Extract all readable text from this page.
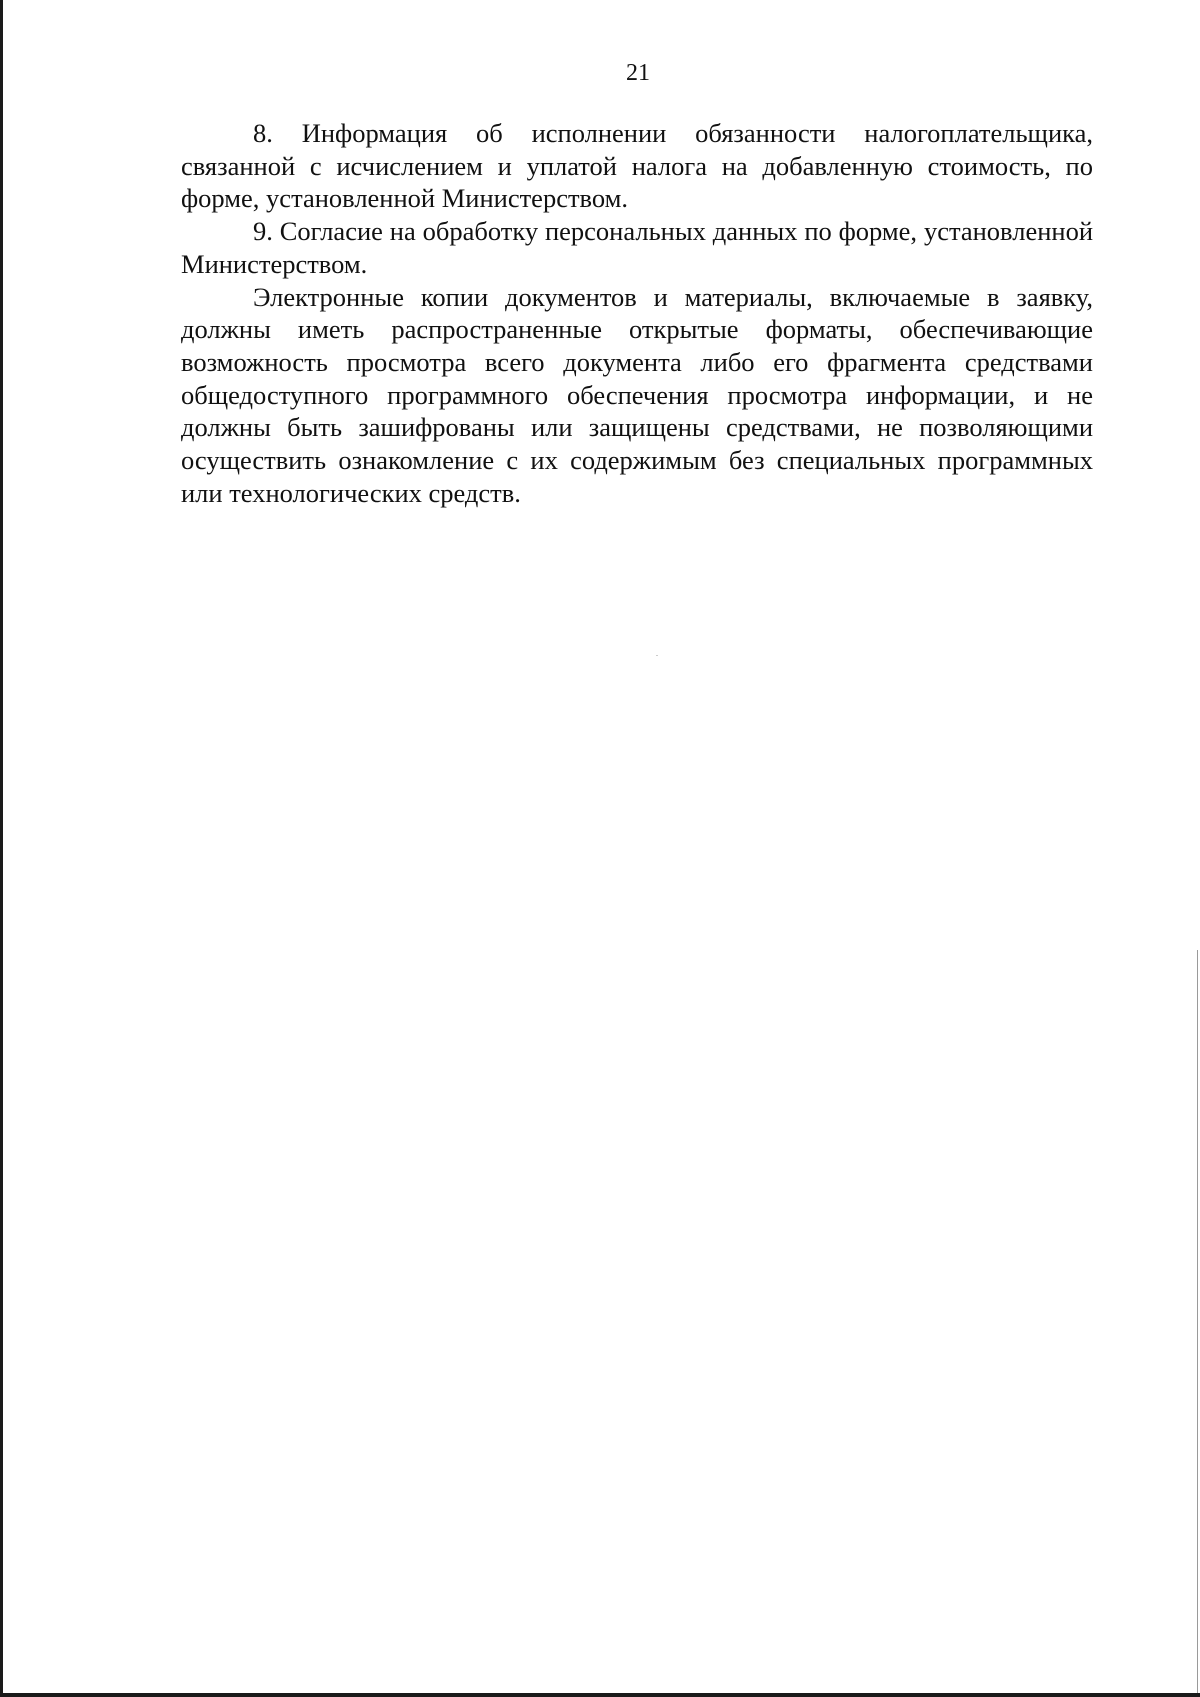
21

8. Информация об исполнении обязанности налогоплательщика, связанной с исчислением и уплатой налога на добавленную стоимость, по форме, установленной Министерством.

9. Согласие на обработку персональных данных по форме, установленной Министерством.

Электронные копии документов и материалы, включаемые в заявку, должны иметь распространенные открытые форматы, обеспечивающие возможность просмотра всего документа либо его фрагмента средствами общедоступного программного обеспечения просмотра информации, и не должны быть зашифрованы или защищены средствами, не позволяющими осуществить ознакомление с их содержимым без специальных программных или технологических средств.
